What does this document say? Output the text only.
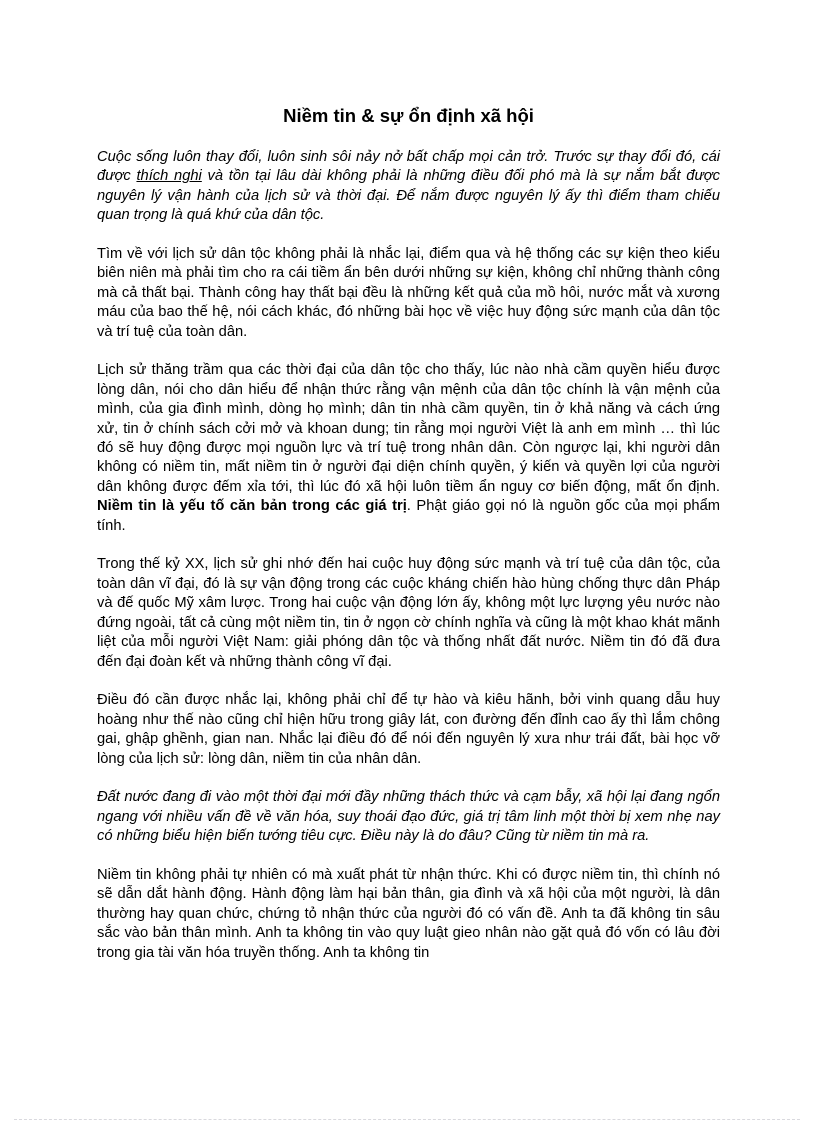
Niềm tin & sự ổn định xã hội

Cuộc sống luôn thay đổi, luôn sinh sôi nảy nở bất chấp mọi cản trở. Trước sự thay đổi đó, cái được thích nghi và tồn tại lâu dài không phải là những điều đối phó mà là sự nắm bắt được nguyên lý vận hành của lịch sử và thời đại. Để nắm được nguyên lý ấy thì điểm tham chiếu quan trọng là quá khứ của dân tộc.

Tìm về với lịch sử dân tộc không phải là nhắc lại, điểm qua và hệ thống các sự kiện theo kiểu biên niên mà phải tìm cho ra cái tiềm ẩn bên dưới những sự kiện, không chỉ những thành công mà cả thất bại. Thành công hay thất bại đều là những kết quả của mồ hôi, nước mắt và xương máu của bao thế hệ, nói cách khác, đó những bài học về việc huy động sức mạnh của dân tộc và trí tuệ của toàn dân.

Lịch sử thăng trầm qua các thời đại của dân tộc cho thấy, lúc nào nhà cầm quyền hiểu được lòng dân, nói cho dân hiểu để nhận thức rằng vận mệnh của dân tộc chính là vận mệnh của mình, của gia đình mình, dòng họ mình; dân tin nhà cầm quyền, tin ở khả năng và cách ứng xử, tin ở chính sách cởi mở và khoan dung; tin rằng mọi người Việt là anh em mình … thì lúc đó sẽ huy động được mọi nguồn lực và trí tuệ trong nhân dân. Còn ngược lại, khi người dân không có niềm tin, mất niềm tin ở người đại diện chính quyền, ý kiến và quyền lợi của người dân không được đếm xỉa tới, thì lúc đó xã hội luôn tiềm ẩn nguy cơ biến động, mất ổn định. Niềm tin là yếu tố căn bản trong các giá trị. Phật giáo gọi nó là nguồn gốc của mọi phẩm tính.

Trong thế kỷ XX, lịch sử ghi nhớ đến hai cuộc huy động sức mạnh và trí tuệ của dân tộc, của toàn dân vĩ đại, đó là sự vận động trong các cuộc kháng chiến hào hùng chống thực dân Pháp và đế quốc Mỹ xâm lược. Trong hai cuộc vận động lớn ấy, không một lực lượng yêu nước nào đứng ngoài, tất cả cùng một niềm tin, tin ở ngọn cờ chính nghĩa và cũng là một khao khát mãnh liệt của mỗi người Việt Nam: giải phóng dân tộc và thống nhất đất nước. Niềm tin đó đã đưa đến đại đoàn kết và những thành công vĩ đại.

Điều đó cần được nhắc lại, không phải chỉ để tự hào và kiêu hãnh, bởi vinh quang dẫu huy hoàng như thế nào cũng chỉ hiện hữu trong giây lát, con đường đến đỉnh cao ấy thì lắm chông gai, ghập ghềnh, gian nan. Nhắc lại điều đó để nói đến nguyên lý xưa như trái đất, bài học vỡ lòng của lịch sử: lòng dân, niềm tin của nhân dân.

Đất nước đang đi vào một thời đại mới đầy những thách thức và cạm bẫy, xã hội lại đang ngổn ngang với nhiều vấn đề về văn hóa, suy thoái đạo đức, giá trị tâm linh một thời bị xem nhẹ nay có những biểu hiện biến tướng tiêu cực. Điều này là do đâu? Cũng từ niềm tin mà ra.

Niềm tin không phải tự nhiên có mà xuất phát từ nhận thức. Khi có được niềm tin, thì chính nó sẽ dẫn dắt hành động. Hành động làm hại bản thân, gia đình và xã hội của một người, là dân thường hay quan chức, chứng tỏ nhận thức của người đó có vấn đề. Anh ta đã không tin sâu sắc vào bản thân mình. Anh ta không tin vào quy luật gieo nhân nào gặt quả đó vốn có lâu đời trong gia tài văn hóa truyền thống. Anh ta không tin
